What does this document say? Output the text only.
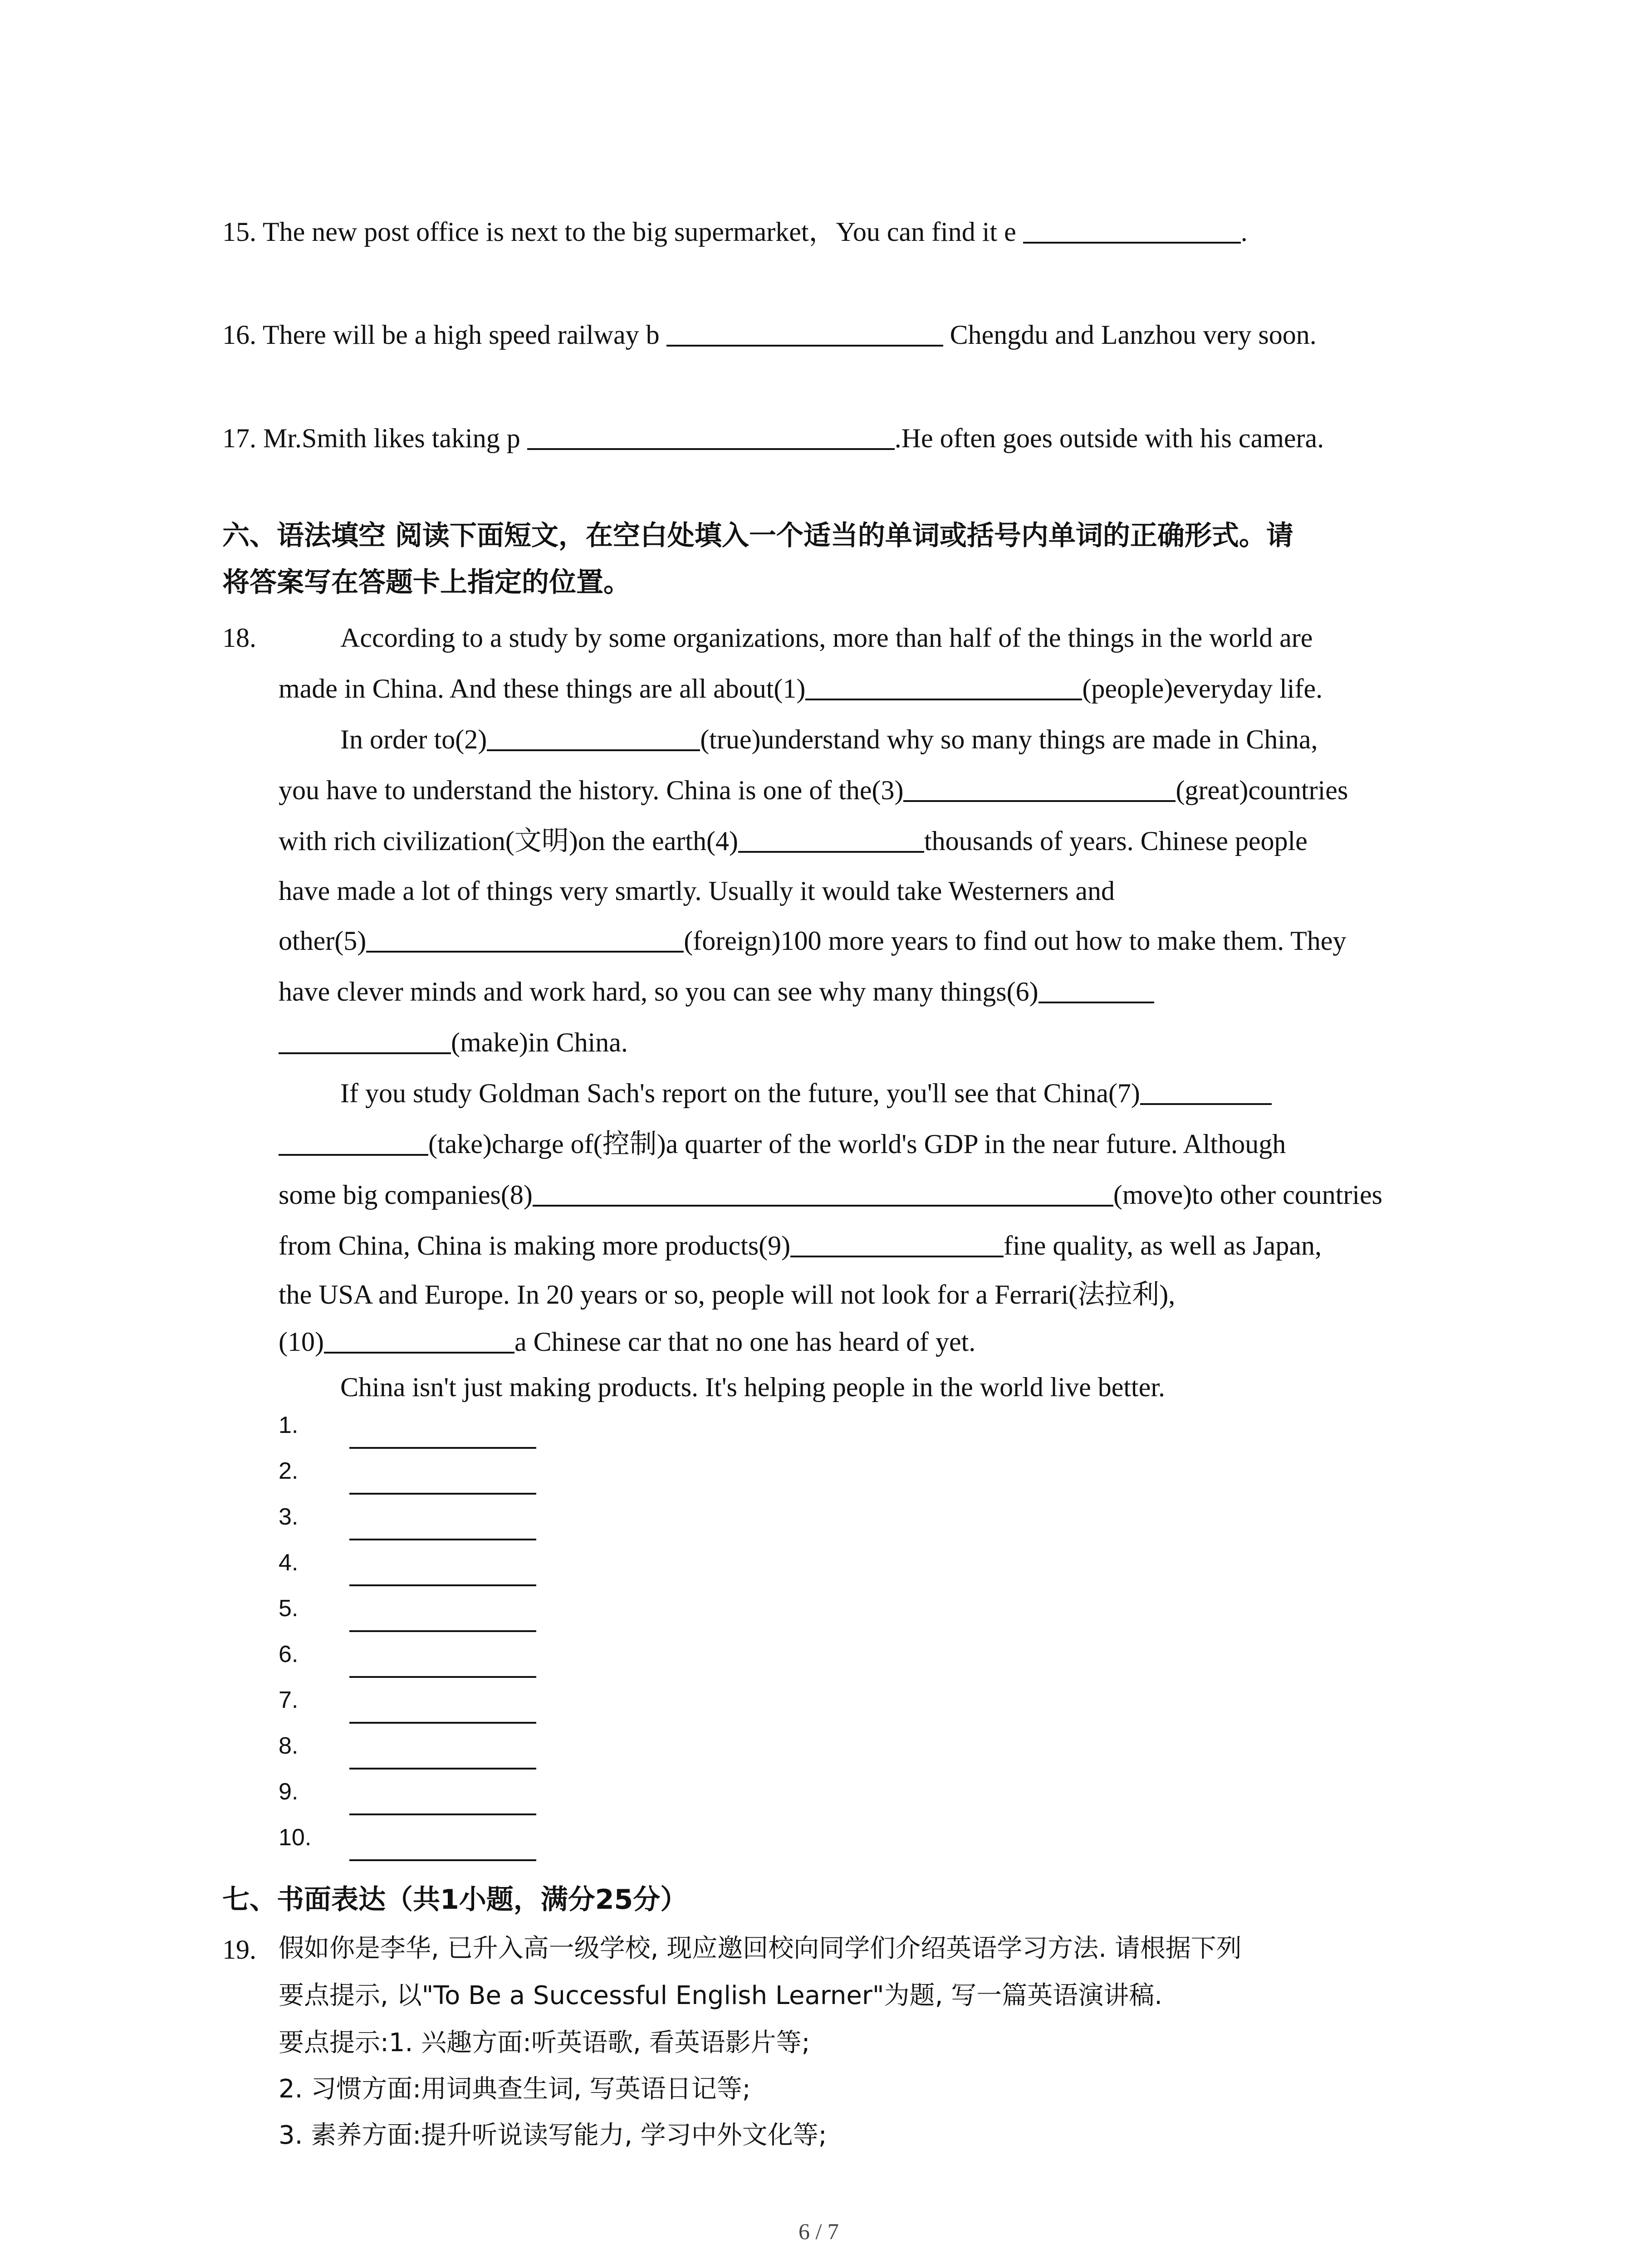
15. The new post office is next to the big supermarket，You can find it e	.
16. There will be a high speed railway b	Chengdu and Lanzhou very soon.
17. Mr.Smith likes taking p	.He often goes outside with his camera.
六、语法填空 阅读下面短文，在空白处填入一个适当的单词或括号内单词的正确形式。请
将答案写在答题卡上指定的位置。
18.	According to a study by some organizations, more than half of the things in the world are
made in China. And these things are all about(1)	(people)everyday life.
In order to(2)	(true)understand why so many things are made in China,
you have to understand the history. China is one of the(3)	(great)countries
with rich civilization(文明)on the earth(4)	thousands of years. Chinese people
have made a lot of things very smartly. Usually it would take Westerners and
other(5)	(foreign)100 more years to find out how to make them. They
have clever minds and work hard, so you can see why many things(6)
(make)in China.
If you study Goldman Sach's report on the future, you'll see that China(7)
(take)charge of(控制)a quarter of the world's GDP in the near future. Although
some big companies(8)	(move)to other countries
from China, China is making more products(9)	fine quality, as well as Japan,
the USA and Europe. In 20 years or so, people will not look for a Ferrari(法拉利),
(10)	a Chinese car that no one has heard of yet.
China isn't just making products. It's helping people in the world live better.
1.
2.
3.
4.
5.
6.
7.
8.
9.
10.
七、书面表达（共1小题，满分25分）
19. 假如你是李华, 已升入高一级学校, 现应邀回校向同学们介绍英语学习方法. 请根据下列
要点提示, 以"To Be a Successful English Learner"为题, 写一篇英语演讲稿.
要点提示:1. 兴趣方面:听英语歌, 看英语影片等;
2. 习惯方面:用词典查生词, 写英语日记等;
3. 素养方面:提升听说读写能力, 学习中外文化等;
6 / 7
